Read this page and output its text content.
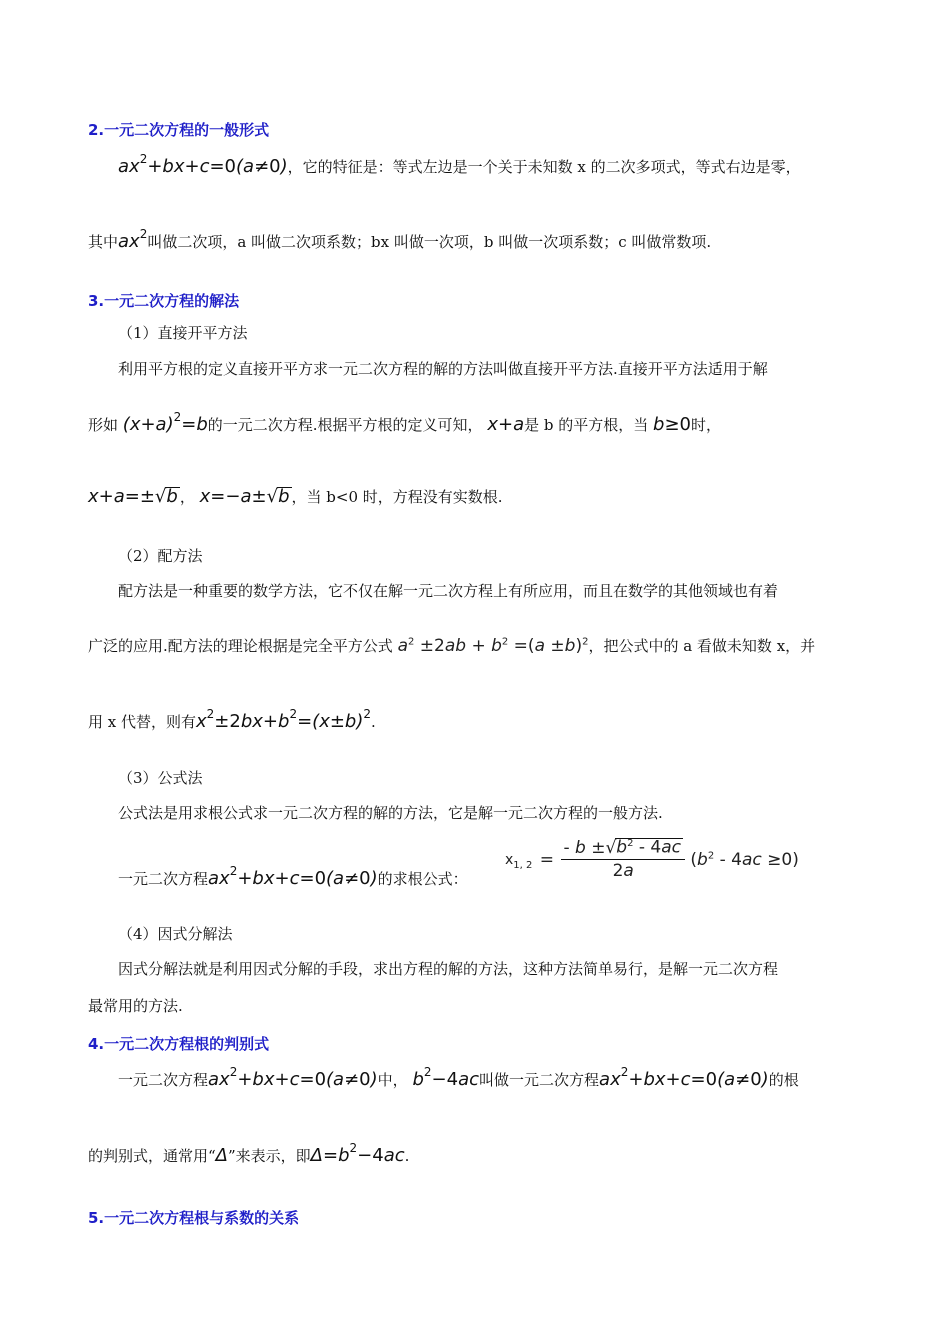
2.一元二次方程的一般形式
$ax^2+bx+c=0(a\ne 0)$，它的特征是：等式左边是一个关于未知数 x 的二次多项式，等式右边是零，
其中$ax^2$叫做二次项，a 叫做二次项系数；bx 叫做一次项，b 叫做一次项系数；c 叫做常数项.
3.一元二次方程的解法
（1）直接开平方法
利用平方根的定义直接开平方求一元二次方程的解的方法叫做直接开平方法.直接开平方法适用于解
形如 $(x+a)^2=b$的一元二次方程.根据平方根的定义可知， x+a是 b 的平方根，当 b≥0时，
x+a=±√b ， x=−a±√b ，当 b<0 时，方程没有实数根.
（2）配方法
配方法是一种重要的数学方法，它不仅在解一元二次方程上有所应用，而且在数学的其他领域也有着
广泛的应用.配方法的理论根据是完全平方公式 $a^2 \pm 2ab + b^2 =(a \pm b)^2$，把公式中的 a 看做未知数 x，并
用 x 代替，则有$x^2\pm 2bx+b^2=(x\pm b)^2$.
（3）公式法
公式法是用求根公式求一元二次方程的解的方法，它是解一元二次方程的一般方法.
一元二次方程$ax^2+bx+c=0(a\ne 0)$的求根公式：
$x_{1, 2} = \frac{- b \pm√b^2 - 4ac}{2a} (b^2 - 4ac \ge 0)$
（4）因式分解法
因式分解法就是利用因式分解的手段，求出方程的解的方法，这种方法简单易行，是解一元二次方程
最常用的方法.
4.一元二次方程根的判别式
一元二次方程$ax^2+bx+c=0(a\ne 0)$中， $b^2-4ac$叫做一元二次方程$ax^2+bx+c=0(a\ne 0)$的根
的判别式，通常用“Δ”来表示，即$\Delta=b^2-4ac$.
5.一元二次方程根与系数的关系
